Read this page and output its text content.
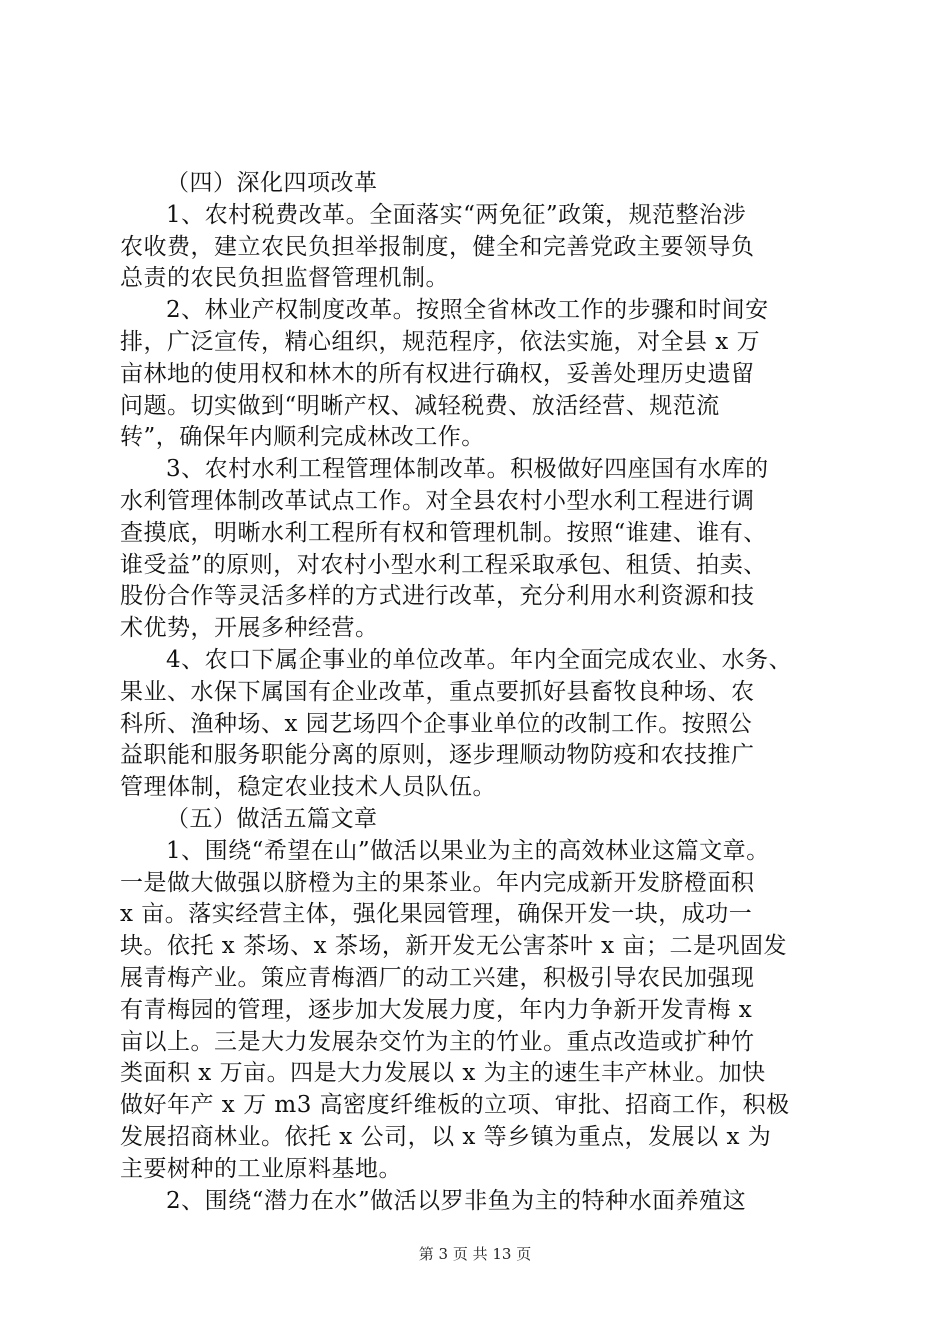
（四）深化四项改革
1、农村税费改革。全面落实“两免征”政策，规范整治涉
农收费，建立农民负担举报制度，健全和完善党政主要领导负
总责的农民负担监督管理机制。
2、林业产权制度改革。按照全省林改工作的步骤和时间安
排，广泛宣传，精心组织，规范程序，依法实施，对全县 x 万
亩林地的使用权和林木的所有权进行确权，妥善处理历史遗留
问题。切实做到“明晰产权、减轻税费、放活经营、规范流
转”，确保年内顺利完成林改工作。
3、农村水利工程管理体制改革。积极做好四座国有水库的
水利管理体制改革试点工作。对全县农村小型水利工程进行调
查摸底，明晰水利工程所有权和管理机制。按照“谁建、谁有、
谁受益”的原则，对农村小型水利工程采取承包、租赁、拍卖、
股份合作等灵活多样的方式进行改革，充分利用水利资源和技
术优势，开展多种经营。
4、农口下属企事业的单位改革。年内全面完成农业、水务、
果业、水保下属国有企业改革，重点要抓好县畜牧良种场、农
科所、渔种场、x 园艺场四个企事业单位的改制工作。按照公
益职能和服务职能分离的原则，逐步理顺动物防疫和农技推广
管理体制，稳定农业技术人员队伍。
（五）做活五篇文章
1、围绕“希望在山”做活以果业为主的高效林业这篇文章。
一是做大做强以脐橙为主的果茶业。年内完成新开发脐橙面积
x 亩。落实经营主体，强化果园管理，确保开发一块，成功一
块。依托 x 茶场、x 茶场，新开发无公害茶叶 x 亩；二是巩固发
展青梅产业。策应青梅酒厂的动工兴建，积极引导农民加强现
有青梅园的管理，逐步加大发展力度，年内力争新开发青梅 x
亩以上。三是大力发展杂交竹为主的竹业。重点改造或扩种竹
类面积 x 万亩。四是大力发展以 x 为主的速生丰产林业。加快
做好年产 x 万 m3 高密度纤维板的立项、审批、招商工作，积极
发展招商林业。依托 x 公司，以 x 等乡镇为重点，发展以 x 为
主要树种的工业原料基地。
2、围绕“潜力在水”做活以罗非鱼为主的特种水面养殖这
第 3 页 共 13 页
